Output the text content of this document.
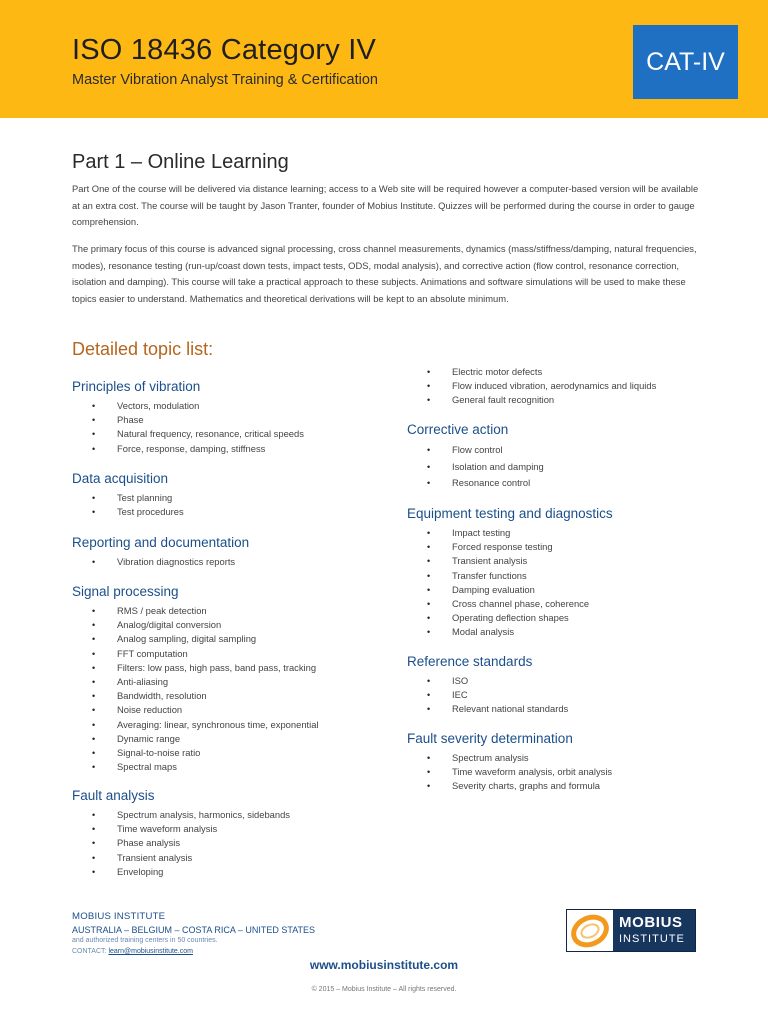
ISO 18436 Category IV
Master Vibration Analyst Training & Certification
CAT-IV
Part 1 – Online Learning
Part One of the course will be delivered via distance learning; access to a Web site will be required however a computer-based version will be available at an extra cost. The course will be taught by Jason Tranter, founder of Mobius Institute. Quizzes will be performed during the course in order to gauge comprehension.
The primary focus of this course is advanced signal processing, cross channel measurements, dynamics (mass/stiffness/damping, natural frequencies, modes), resonance testing (run-up/coast down tests, impact tests, ODS, modal analysis), and corrective action (flow control, resonance correction, isolation and damping). This course will take a practical approach to these subjects. Animations and software simulations will be used to make these topics easier to understand. Mathematics and theoretical derivations will be kept to an absolute minimum.
Detailed topic list:
Principles of vibration
• Vectors, modulation
• Phase
• Natural frequency, resonance, critical speeds
• Force, response, damping, stiffness
Data acquisition
• Test planning
• Test procedures
Reporting and documentation
• Vibration diagnostics reports
Signal processing
• RMS / peak detection
• Analog/digital conversion
• Analog sampling, digital sampling
• FFT computation
• Filters: low pass, high pass, band pass, tracking
• Anti-aliasing
• Bandwidth, resolution
• Noise reduction
• Averaging: linear, synchronous time, exponential
• Dynamic range
• Signal-to-noise ratio
• Spectral maps
Fault analysis
• Spectrum analysis, harmonics, sidebands
• Time waveform analysis
• Phase analysis
• Transient analysis
• Enveloping
• Electric motor defects
• Flow induced vibration, aerodynamics and liquids
• General fault recognition
Corrective action
• Flow control
• Isolation and damping
• Resonance control
Equipment testing and diagnostics
• Impact testing
• Forced response testing
• Transient analysis
• Transfer functions
• Damping evaluation
• Cross channel phase, coherence
• Operating deflection shapes
• Modal analysis
Reference standards
• ISO
• IEC
• Relevant national standards
Fault severity determination
• Spectrum analysis
• Time waveform analysis, orbit analysis
• Severity charts, graphs and formula
MOBIUS INSTITUTE
AUSTRALIA – BELGIUM – COSTA RICA – UNITED STATES
and authorized training centers in 50 countries.
CONTACT: learn@mobiusinstitute.com
www.mobiusinstitute.com
© 2015 – Mobius Institute – All rights reserved.
MOBIUS
INSTITUTE
